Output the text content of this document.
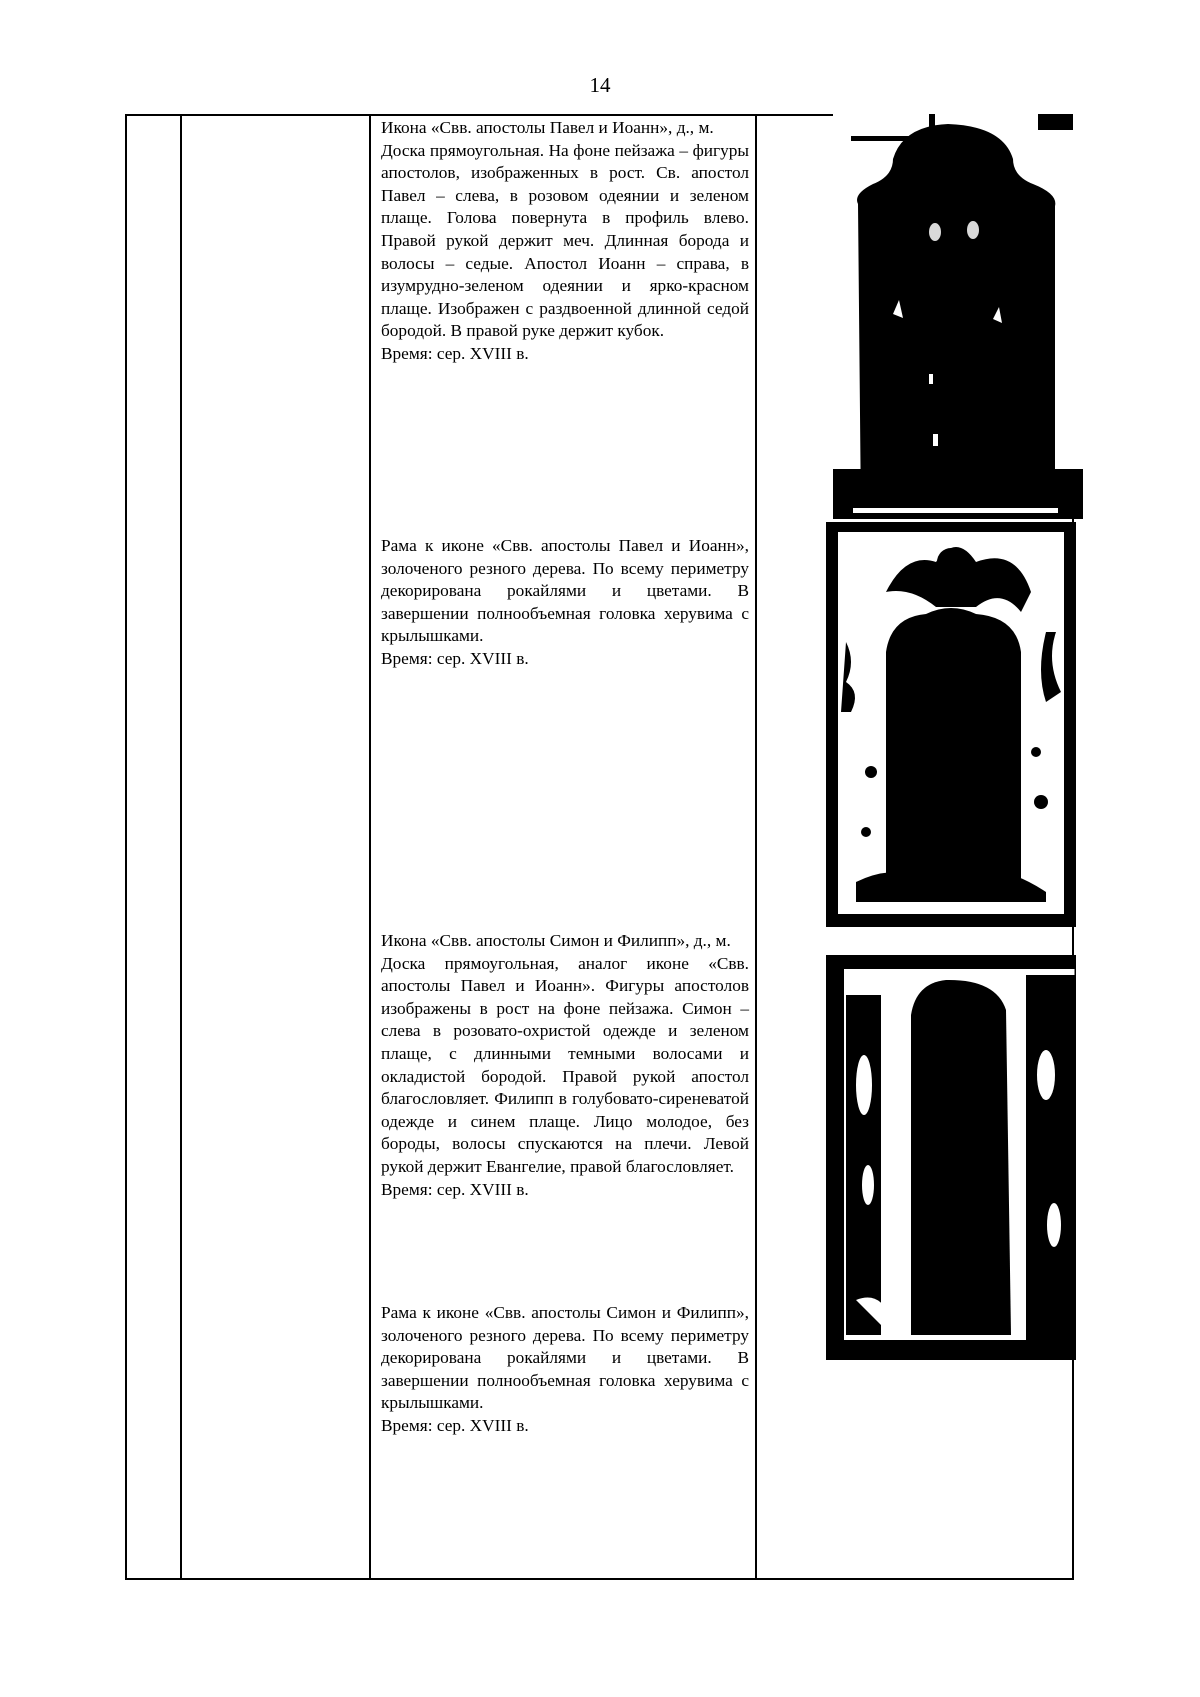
14

Икона «Свв. апостолы Павел и Иоанн», д., м.

Доска прямоугольная. На фоне пейзажа – фигуры апостолов, изображенных в рост. Св. апостол Павел – слева, в розовом одеянии и зеленом плаще. Голова повернута в профиль влево. Правой рукой держит меч. Длинная борода и волосы – седые. Апостол Иоанн – справа, в изумрудно-зеленом одеянии и ярко-красном плаще. Изображен с раздвоенной длинной седой бородой. В правой руке держит кубок.

Время: сер. XVIII в.

Рама к иконе «Свв. апостолы Павел и Иоанн», золоченого резного дерева. По всему периметру декорирована рокайлями и цветами. В завершении полнообъемная головка херувима с крылышками.

Время: сер. XVIII в.

Икона «Свв. апостолы Симон и Филипп», д., м.

Доска прямоугольная, аналог иконе «Свв. апостолы Павел и Иоанн». Фигуры апостолов изображены в рост на фоне пейзажа. Симон – слева в розовато-охристой одежде и зеленом плаще, с длинными темными волосами и окладистой бородой. Правой рукой апостол благословляет. Филипп в голубовато-сиреневатой одежде и синем плаще. Лицо молодое, без бороды, волосы спускаются на плечи. Левой рукой держит Евангелие, правой благословляет.

Время: сер. XVIII в.

Рама к иконе «Свв. апостолы Симон и Филипп», золоченого резного дерева. По всему периметру декорирована рокайлями и цветами. В завершении полнообъемная головка херувима с крылышками.

Время: сер. XVIII в.
